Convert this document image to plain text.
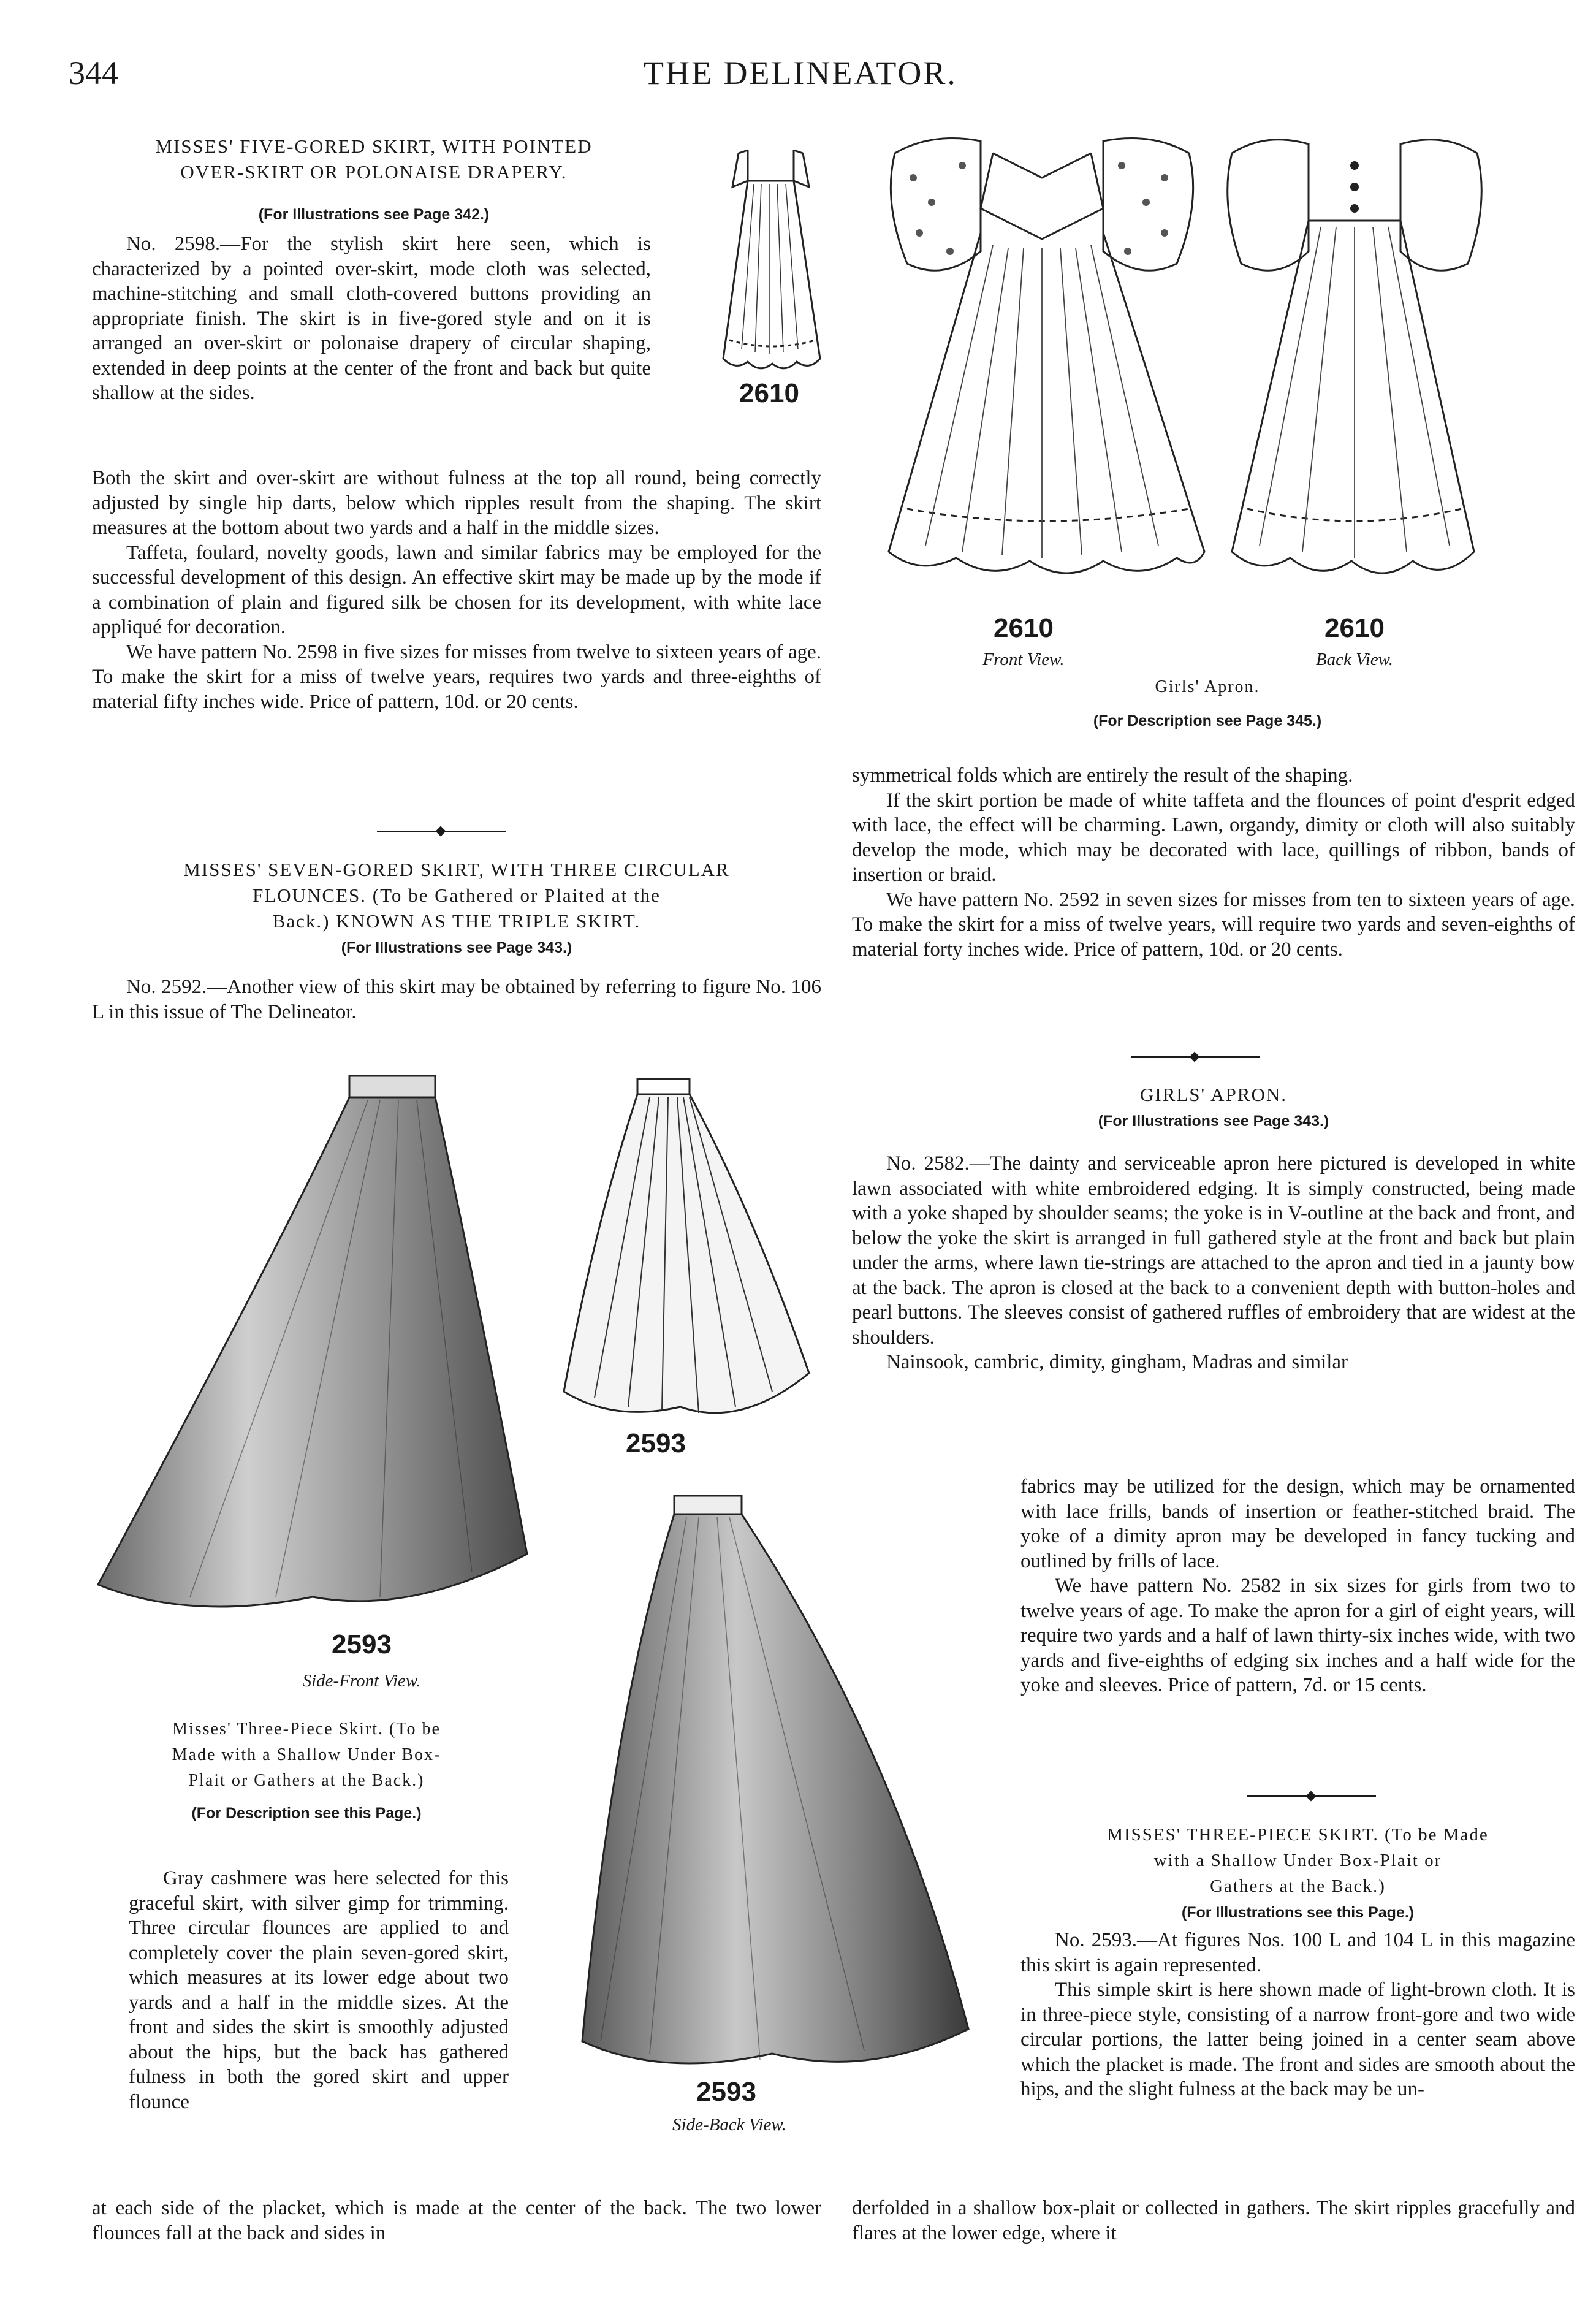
344	THE DELINEATOR.
MISSES' FIVE-GORED SKIRT, WITH POINTED
OVER-SKIRT OR POLONAISE DRAPERY.
(For Illustrations see Page 342.)

No. 2598.—For the stylish skirt here seen, which is characterized by a pointed over-skirt, mode cloth was selected, machine-stitching and small cloth-covered buttons providing an appropriate finish. The skirt is in five-gored style and on it is arranged an over-skirt or polonaise drapery of circular shaping, extended in deep points at the center of the front and back but quite shallow at the sides.

Both the skirt and over-skirt are without fulness at the top all round, being correctly adjusted by single hip darts, below which ripples result from the shaping. The skirt measures at the bottom about two yards and a half in the middle sizes.

Taffeta, foulard, novelty goods, lawn and similar fabrics may be employed for the successful development of this design. An effective skirt may be made up by the mode if a combination of plain and figured silk be chosen for its development, with white lace appliqué for decoration.

We have pattern No. 2598 in five sizes for misses from twelve to sixteen years of age. To make the skirt for a miss of twelve years, requires two yards and three-eighths of material fifty inches wide. Price of pattern, 10d. or 20 cents.

MISSES' SEVEN-GORED SKIRT, WITH THREE CIRCULAR
FLOUNCES. (To be Gathered or Plaited at the
Back.) KNOWN AS THE TRIPLE SKIRT.
(For Illustrations see Page 343.)

No. 2592.—Another view of this skirt may be obtained by referring to figure No. 106 L in this issue of The Delineator.

2610
2610
Front View.
2610
Back View.
Girls' Apron.
(For Description see Page 345.)

symmetrical folds which are entirely the result of the shaping.

If the skirt portion be made of white taffeta and the flounces of point d'esprit edged with lace, the effect will be charming. Lawn, organdy, dimity or cloth will also suitably develop the mode, which may be decorated with lace, quillings of ribbon, bands of insertion or braid.

We have pattern No. 2592 in seven sizes for misses from ten to sixteen years of age. To make the skirt for a miss of twelve years, will require two yards and seven-eighths of material forty inches wide. Price of pattern, 10d. or 20 cents.

GIRLS' APRON.
(For Illustrations see Page 343.)

No. 2582.—The dainty and serviceable apron here pictured is developed in white lawn associated with white embroidered edging. It is simply constructed, being made with a yoke shaped by shoulder seams; the yoke is in V-outline at the back and front, and below the yoke the skirt is arranged in full gathered style at the front and back but plain under the arms, where lawn tie-strings are attached to the apron and tied in a jaunty bow at the back. The apron is closed at the back to a convenient depth with button-holes and pearl buttons. The sleeves consist of gathered ruffles of embroidery that are widest at the shoulders.

Nainsook, cambric, dimity, gingham, Madras and similar

fabrics may be utilized for the design, which may be ornamented with lace frills, bands of insertion or feather-stitched braid. The yoke of a dimity apron may be developed in fancy tucking and outlined by frills of lace.

We have pattern No. 2582 in six sizes for girls from two to twelve years of age. To make the apron for a girl of eight years, will require two yards and a half of lawn thirty-six inches wide, with two yards and five-eighths of edging six inches and a half wide for the yoke and sleeves. Price of pattern, 7d. or 15 cents.

MISSES' THREE-PIECE SKIRT. (To be Made
with a Shallow Under Box-Plait or
Gathers at the Back.)
(For Illustrations see this Page.)

No. 2593.—At figures Nos. 100 L and 104 L in this magazine this skirt is again represented.

This simple skirt is here shown made of light-brown cloth. It is in three-piece style, consisting of a narrow front-gore and two wide circular portions, the latter being joined in a center seam above which the placket is made. The front and sides are smooth about the hips, and the slight fulness at the back may be un-

derfolded in a shallow box-plait or collected in gathers. The skirt ripples gracefully and flares at the lower edge, where it

2593
Side-Front View.
2593
2593
Side-Back View.
Misses' Three-Piece Skirt. (To be
Made with a Shallow Under Box-
Plait or Gathers at the Back.)
(For Description see this Page.)

Gray cashmere was here selected for this graceful skirt, with silver gimp for trimming. Three circular flounces are applied to and completely cover the plain seven-gored skirt, which measures at its lower edge about two yards and a half in the middle sizes. At the front and sides the skirt is smoothly adjusted about the hips, but the back has gathered fulness in both the gored skirt and upper flounce

at each side of the placket, which is made at the center of the back. The two lower flounces fall at the back and sides in
